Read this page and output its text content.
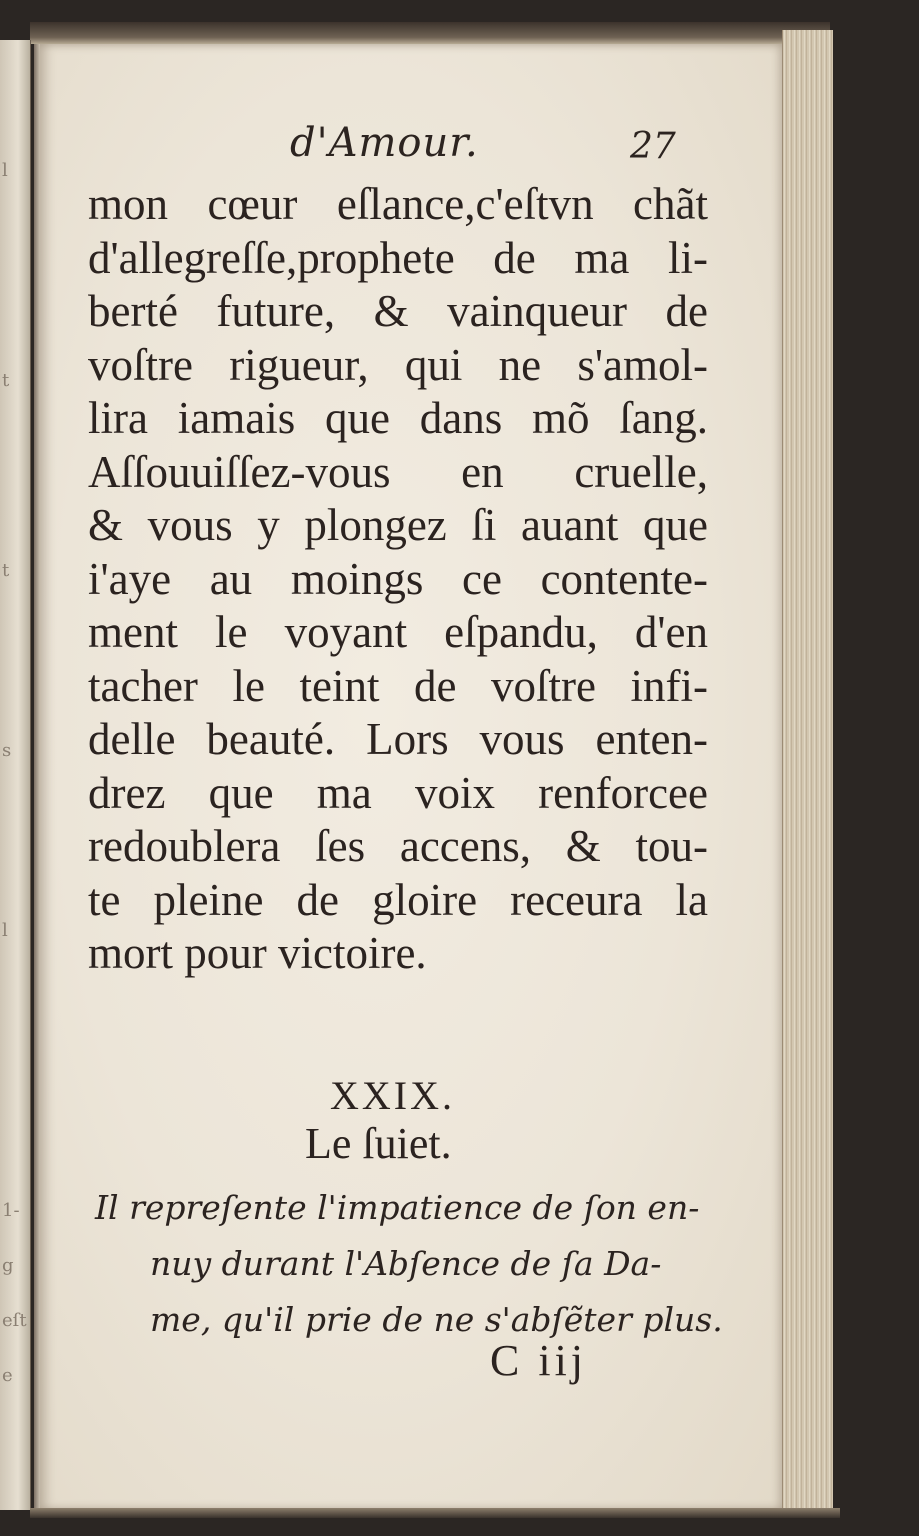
l
t
t
s
l
1-
g
eſt
e
d'Amour.	27
mon cœur eſlance,c'eſtvn chãt
d'allegreſſe,prophete de ma li-
berté future, & vainqueur de
voſtre rigueur, qui ne s'amol-
lira iamais que dans mõ ſang.
Aſſouuiſſez-vous en cruelle,
& vous y plongez ſi auant que
i'aye au moings ce contente-
ment le voyant eſpandu, d'en
tacher le teint de voſtre infi-
delle beauté. Lors vous enten-
drez que ma voix renforcee
redoublera ſes accens, & tou-
te pleine de gloire receura la
mort pour victoire.
XXIX.
Le ſuiet.
Il repreſente l'impatience de ſon en-
nuy durant l'Abſence de ſa Da-
me, qu'il prie de ne s'abſẽter plus.
C iij
